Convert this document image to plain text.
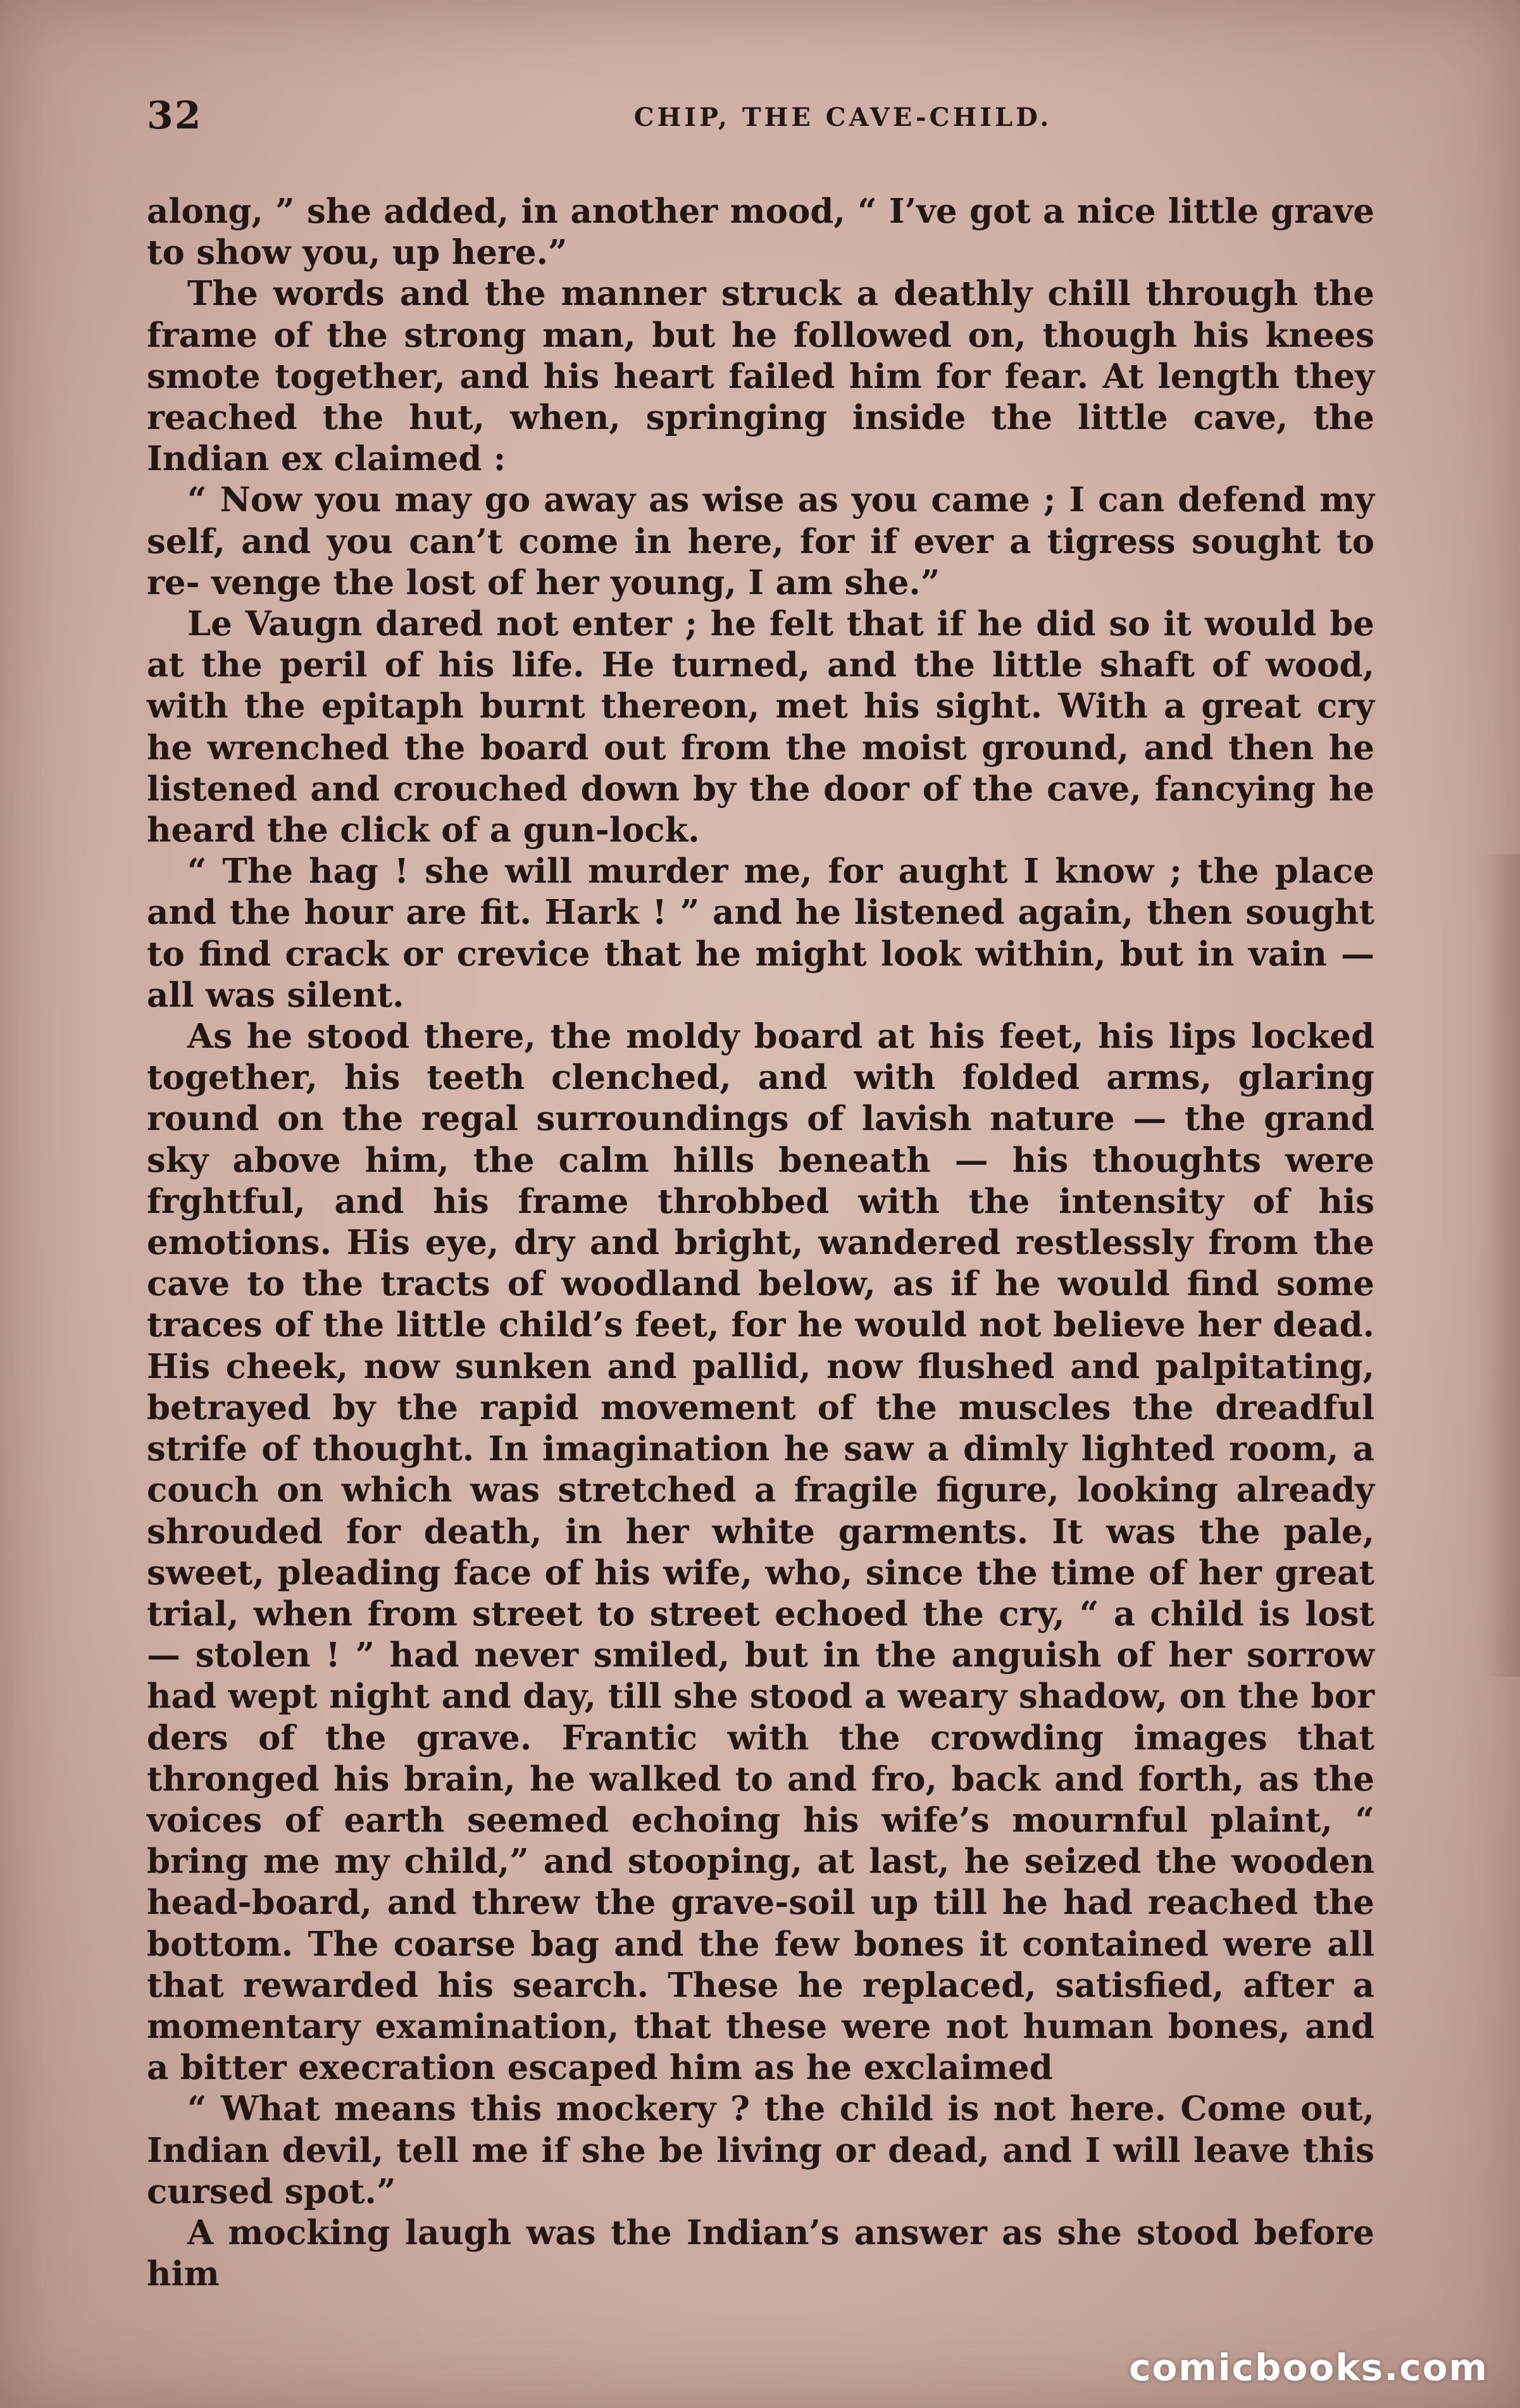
32	CHIP, THE CAVE-CHILD.

along, ” she added, in another mood, “ I’ve got a nice little grave to show you, up here.”

The words and the manner struck a deathly chill through the frame of the strong man, but he followed on, though his knees smote together, and his heart failed him for fear. At length they reached the hut, when, springing inside the little cave, the Indian ex claimed :

“ Now you may go away as wise as you came ; I can defend my self, and you can’t come in here, for if ever a tigress sought to re- venge the lost of her young, I am she.”

Le Vaugn dared not enter ; he felt that if he did so it would be at the peril of his life. He turned, and the little shaft of wood, with the epitaph burnt thereon, met his sight. With a great cry he wrenched the board out from the moist ground, and then he listened and crouched down by the door of the cave, fancying he heard the click of a gun-lock.

“ The hag ! she will murder me, for aught I know ; the place and the hour are fit. Hark ! ” and he listened again, then sought to find crack or crevice that he might look within, but in vain — all was silent.

As he stood there, the moldy board at his feet, his lips locked together, his teeth clenched, and with folded arms, glaring round on the regal surroundings of lavish nature — the grand sky above him, the calm hills beneath — his thoughts were frghtful, and his frame throbbed with the intensity of his emotions. His eye, dry and bright, wandered restlessly from the cave to the tracts of woodland below, as if he would find some traces of the little child’s feet, for he would not believe her dead. His cheek, now sunken and pallid, now flushed and palpitating, betrayed by the rapid movement of the muscles the dreadful strife of thought. In imagination he saw a dimly lighted room, a couch on which was stretched a fragile figure, looking already shrouded for death, in her white garments. It was the pale, sweet, pleading face of his wife, who, since the time of her great trial, when from street to street echoed the cry, “ a child is lost — stolen ! ” had never smiled, but in the anguish of her sorrow had wept night and day, till she stood a weary shadow, on the bor ders of the grave. Frantic with the crowding images that thronged his brain, he walked to and fro, back and forth, as the voices of earth seemed echoing his wife’s mournful plaint, “ bring me my child,” and stooping, at last, he seized the wooden head-board, and threw the grave-soil up till he had reached the bottom. The coarse bag and the few bones it contained were all that rewarded his search. These he replaced, satisfied, after a momentary examination, that these were not human bones, and a bitter execration escaped him as he exclaimed

“ What means this mockery ? the child is not here. Come out, Indian devil, tell me if she be living or dead, and I will leave this cursed spot.”

A mocking laugh was the Indian’s answer as she stood before him

comicbooks.com
